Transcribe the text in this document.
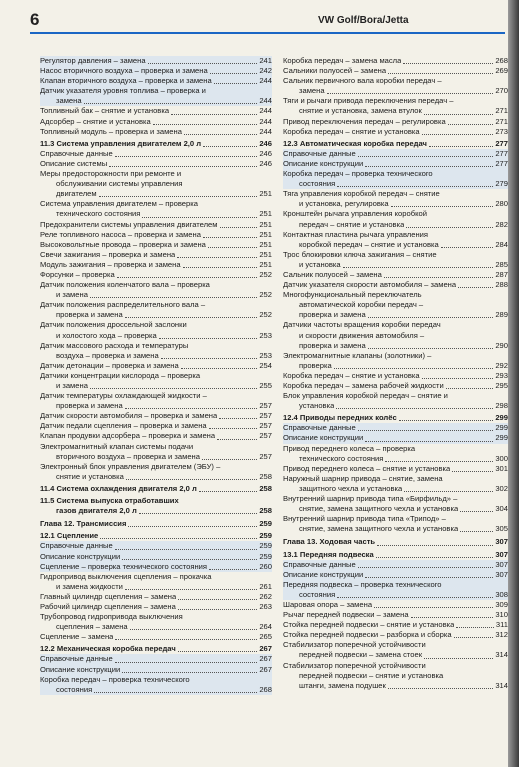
6	VW Golf/Bora/Jetta
Регулятор давления – замена	241
Насос вторичного воздуха – проверка и замена	242
Клапан вторичного воздуха – проверка и замена	244
Датчик указателя уровня топлива – проверка и
замена	244
Топливный бак – снятие и установка	244
Адсорбер – снятие и установка	244
Топливный модуль – проверка и замена	244
11.3 Система управления двигателем 2,0 л	246
Справочные данные	246
Описание системы	246
Меры предосторожности при ремонте и
обслуживании системы управления
двигателем	251
Система управления двигателем – проверка
технического состояния	251
Предохранители системы управления двигателем	251
Реле топливного насоса – проверка и замена	251
Высоковольтные провода – проверка и замена	251
Свечи зажигания – проверка и замена	251
Модуль зажигания – проверка и замена	251
Форсунки – проверка	252
Датчик положения коленчатого вала – проверка
и замена	252
Датчик положения распределительного вала –
проверка и замена	252
Датчик положения дроссельной заслонки
и холостого хода – проверка	253
Датчик массового расхода и температуры
воздуха – проверка и замена	253
Датчик детонации – проверка и замена	254
Датчики концентрации кислорода – проверка
и замена	255
Датчик температуры охлаждающей жидкости –
проверка и замена	257
Датчик скорости автомобиля – проверка и замена	257
Датчик педали сцепления – проверка и замена	257
Клапан продувки адсорбера – проверка и замена	257
Электромагнитный клапан системы подачи
вторичного воздуха – проверка и замена	257
Электронный блок управления двигателем (ЭБУ) –
снятие и установка	258
11.4 Система охлаждения двигателя 2,0 л	258
11.5 Система выпуска отработавших
газов двигателя 2,0 л	258
Глава 12. Трансмиссия	259
12.1 Сцепление	259
Справочные данные	259
Описание конструкции	259
Сцепление – проверка технического состояния	260
Гидропривод выключения сцепления – прокачка
и замена жидкости	261
Главный цилиндр сцепления – замена	262
Рабочий цилиндр сцепления – замена	263
Трубопровод гидропривода выключения
сцепления – замена	264
Сцепление – замена	265
12.2 Механическая коробка передач	267
Справочные данные	267
Описание конструкции	267
Коробка передач – проверка технического
состояния	268
Коробка передач – замена масла	268
Сальники полуосей – замена	269
Сальник первичного вала коробки передач –
замена	270
Тяги и рычаги привода переключения передач –
снятие и установка, замена втулок	271
Привод переключения передач – регулировка	271
Коробка передач – снятие и установка	273
12.3 Автоматическая коробка передач	277
Справочные данные	277
Описание конструкции	277
Коробка передач – проверка технического
состояния	279
Тяга управления коробкой передач – снятие
и установка, регулировка	280
Кронштейн рычага управления коробкой
передач – снятие и установка	282
Контактная пластина рычага управления
коробкой передач – снятие и установка	284
Трос блокировки ключа зажигания – снятие
и установка	285
Сальник полуосей – замена	287
Датчик указателя скорости автомобиля – замена	288
Многофункциональный переключатель
автоматической коробки передач –
проверка и замена	289
Датчики частоты вращения коробки передач
и скорости движения автомобиля –
проверка и замена	290
Электромагнитные клапаны (золотники) –
проверка	292
Коробка передач – снятие и установка	293
Коробка передач – замена рабочей жидкости	295
Блок управления коробкой передач – снятие и
установка	298
12.4 Приводы передних колёс	299
Справочные данные	299
Описание конструкции	299
Привод переднего колеса – проверка
технического состояния	300
Привод переднего колеса – снятие и установка	301
Наружный шарнир привода – снятие, замена
защитного чехла и установка	302
Внутренний шарнир привода типа «Бирфильд» –
снятие, замена защитного чехла и установка	304
Внутренний шарнир привода типа «Трипод» –
снятие, замена защитного чехла и установка	305
Глава 13. Ходовая часть	307
13.1 Передняя подвеска	307
Справочные данные	307
Описание конструкции	307
Передняя подвеска – проверка технического
состояния	308
Шаровая опора – замена	309
Рычаг передней подвески – замена	310
Стойка передней подвески – снятие и установка	311
Стойка передней подвески – разборка и сборка	312
Стабилизатор поперечной устойчивости
передней подвески – замена стоек	314
Стабилизатор поперечной устойчивости
передней подвески – снятие и установка
штанги, замена подушек	314
